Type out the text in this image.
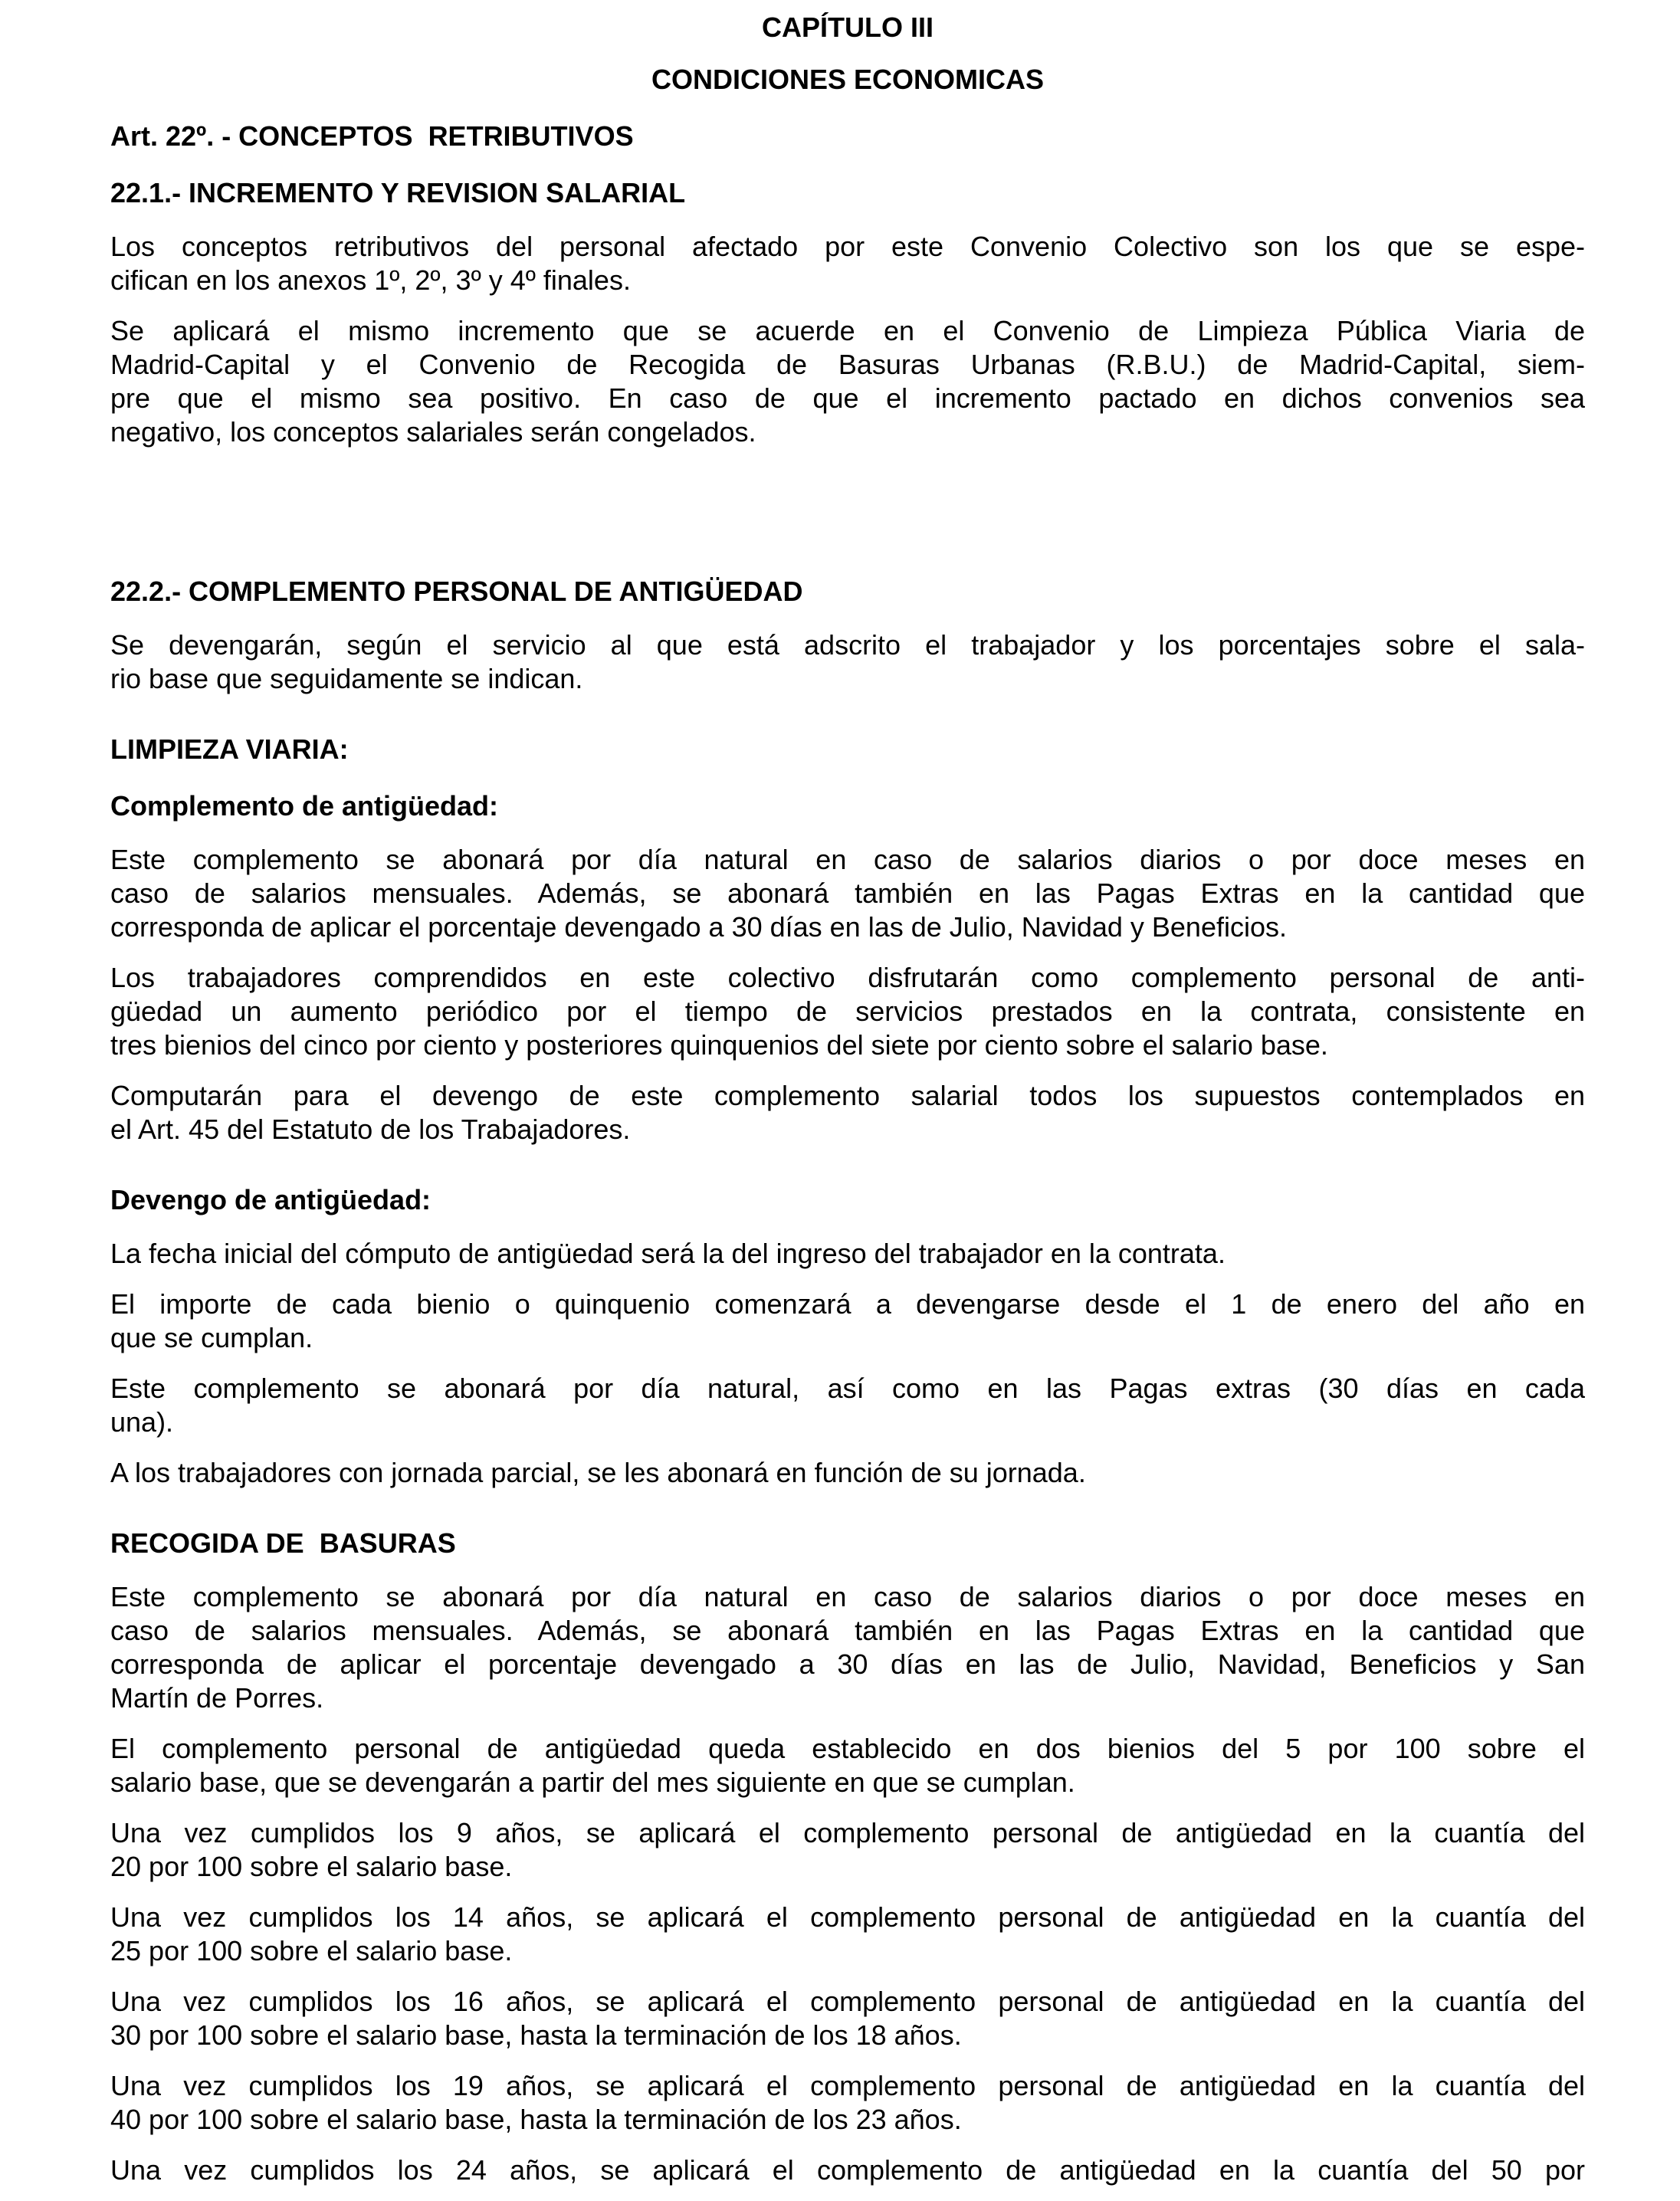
CAPÍTULO III
CONDICIONES ECONOMICAS
Art. 22º. - CONCEPTOS  RETRIBUTIVOS
22.1.- INCREMENTO Y REVISION SALARIAL
Los conceptos retributivos del personal afectado por este Convenio Colectivo son los que se espe-
cifican en los anexos 1º, 2º, 3º y 4º finales.
Se aplicará el mismo incremento que se acuerde en el Convenio de Limpieza Pública Viaria de
Madrid-Capital y el Convenio de Recogida de Basuras Urbanas (R.B.U.) de Madrid-Capital, siem-
pre que el mismo sea positivo. En caso de que el incremento pactado en dichos convenios sea
negativo, los conceptos salariales serán congelados.
22.2.- COMPLEMENTO PERSONAL DE ANTIGÜEDAD
Se devengarán, según el servicio al que está adscrito el trabajador y los porcentajes sobre el sala-
rio base que seguidamente se indican.
LIMPIEZA VIARIA:
Complemento de antigüedad:
Este complemento se abonará por día natural en caso de salarios diarios o por doce meses en
caso de salarios mensuales. Además, se abonará también en las Pagas Extras en la cantidad que
corresponda de aplicar el porcentaje devengado a 30 días en las de Julio, Navidad y Beneficios.
Los trabajadores comprendidos en este colectivo disfrutarán como complemento personal de anti-
güedad un aumento periódico por el tiempo de servicios prestados en la contrata, consistente en
tres bienios del cinco por ciento y posteriores quinquenios del siete por ciento sobre el salario base.
Computarán para el devengo de este complemento salarial todos los supuestos contemplados en
el Art. 45 del Estatuto de los Trabajadores.
Devengo de antigüedad:
La fecha inicial del cómputo de antigüedad será la del ingreso del trabajador en la contrata.
El importe de cada bienio o quinquenio comenzará a devengarse desde el 1 de enero del año en
que se cumplan.
Este complemento se abonará por día natural, así como en las Pagas extras (30 días en cada
una).
A los trabajadores con jornada parcial, se les abonará en función de su jornada.
RECOGIDA DE  BASURAS
Este complemento se abonará por día natural en caso de salarios diarios o por doce meses en
caso de salarios mensuales. Además, se abonará también en las Pagas Extras en la cantidad que
corresponda de aplicar el porcentaje devengado a 30 días en las de Julio, Navidad, Beneficios y San
Martín de Porres.
El complemento personal de antigüedad queda establecido en dos bienios del 5 por 100 sobre el
salario base, que se devengarán a partir del mes siguiente en que se cumplan.
Una vez cumplidos los 9 años, se aplicará el complemento personal de antigüedad en la cuantía del
20 por 100 sobre el salario base.
Una vez cumplidos los 14 años, se aplicará el complemento personal de antigüedad en la cuantía del
25 por 100 sobre el salario base.
Una vez cumplidos los 16 años, se aplicará el complemento personal de antigüedad en la cuantía del
30 por 100 sobre el salario base, hasta la terminación de los 18 años.
Una vez cumplidos los 19 años, se aplicará el complemento personal de antigüedad en la cuantía del
40 por 100 sobre el salario base, hasta la terminación de los 23 años.
Una vez cumplidos los 24 años, se aplicará el complemento de antigüedad en la cuantía del 50 por
